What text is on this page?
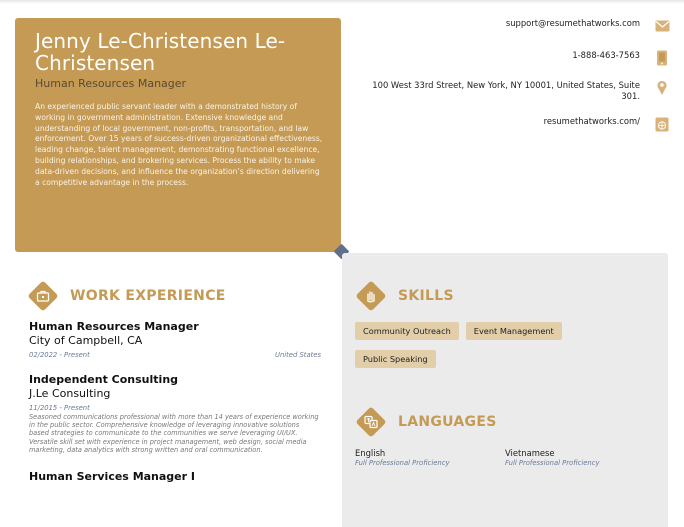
Jenny Le-Christensen Le-Christensen
Human Resources Manager
An experienced public servant leader with a demonstrated history of working in government administration. Extensive knowledge and understanding of local government, non-profits, transportation, and law enforcement. Over 15 years of success-driven organizational effectiveness, leading change, talent management, demonstrating functional excellence, building relationships, and brokering services. Process the ability to make data-driven decisions, and influence the organization’s direction delivering a competitive advantage in the process.
support@resumethatworks.com
1-888-463-7563
100 West 33rd Street, New York, NY 10001, United States, Suite 301.
resumethatworks.com/
WORK EXPERIENCE
Human Resources Manager
City of Campbell, CA
02/2022 - Present	United States
Independent Consulting
J.Le Consulting
11/2015 - Present
Seasoned communications professional with more than 14 years of experience working in the public sector. Comprehensive knowledge of leveraging innovative solutions based strategies to communicate to the communities we serve leveraging UI/UX. Versatile skill set with experience in project management, web design, social media marketing, data analytics with strong written and oral communication.
Human Services Manager I
SKILLS
Community Outreach	Event Management
Public Speaking
LANGUAGES
English
Full Professional Proficiency
Vietnamese
Full Professional Proficiency
